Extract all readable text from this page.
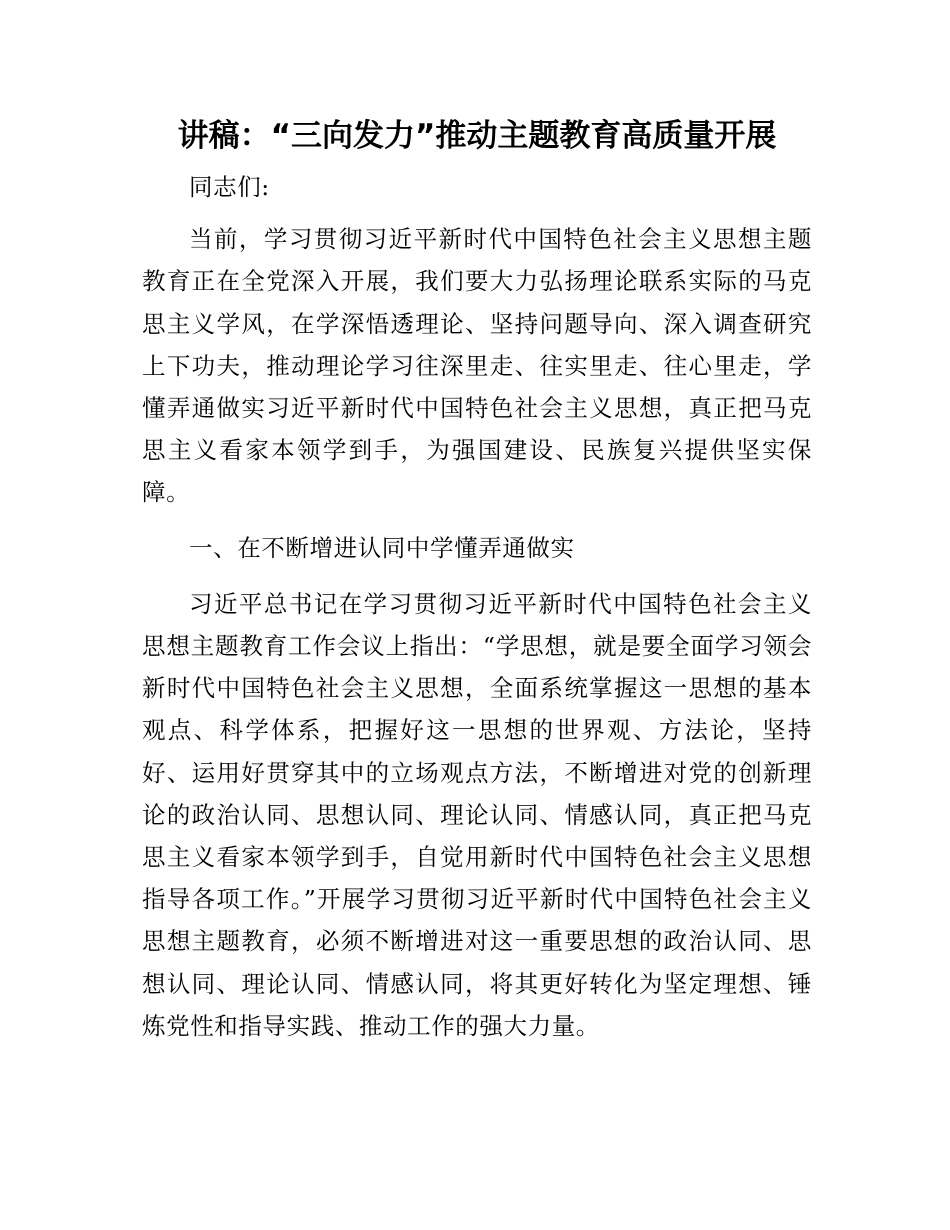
讲稿：“三向发力”推动主题教育高质量开展

同志们:

当前，学习贯彻习近平新时代中国特色社会主义思想主题教育正在全党深入开展，我们要大力弘扬理论联系实际的马克思主义学风，在学深悟透理论、坚持问题导向、深入调查研究上下功夫，推动理论学习往深里走、往实里走、往心里走，学懂弄通做实习近平新时代中国特色社会主义思想，真正把马克思主义看家本领学到手，为强国建设、民族复兴提供坚实保障。

一、在不断增进认同中学懂弄通做实

习近平总书记在学习贯彻习近平新时代中国特色社会主义思想主题教育工作会议上指出：“学思想，就是要全面学习领会新时代中国特色社会主义思想，全面系统掌握这一思想的基本观点、科学体系，把握好这一思想的世界观、方法论，坚持好、运用好贯穿其中的立场观点方法，不断增进对党的创新理论的政治认同、思想认同、理论认同、情感认同，真正把马克思主义看家本领学到手，自觉用新时代中国特色社会主义思想指导各项工作。”开展学习贯彻习近平新时代中国特色社会主义思想主题教育，必须不断增进对这一重要思想的政治认同、思想认同、理论认同、情感认同，将其更好转化为坚定理想、锤炼党性和指导实践、推动工作的强大力量。
